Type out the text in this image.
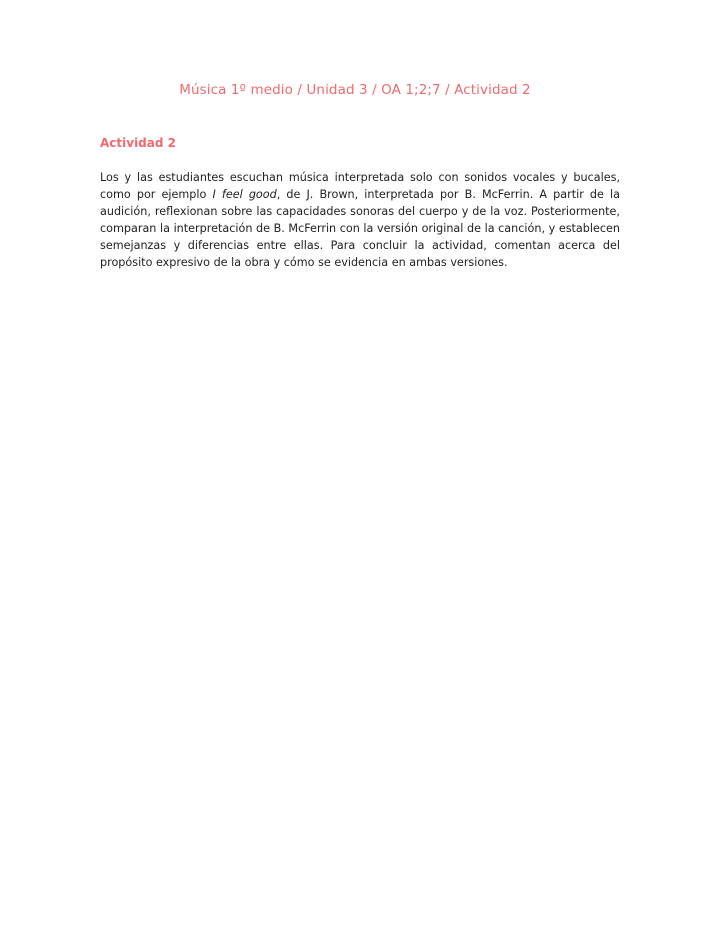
Música 1º medio / Unidad 3 / OA 1;2;7 / Actividad 2
Actividad 2

Los y las estudiantes escuchan música interpretada solo con sonidos vocales y bucales, como por ejemplo I feel good, de J. Brown, interpretada por B. McFerrin. A partir de la audición, reflexionan sobre las capacidades sonoras del cuerpo y de la voz. Posteriormente, comparan la interpretación de B. McFerrin con la versión original de la canción, y establecen semejanzas y diferencias entre ellas. Para concluir la actividad, comentan acerca del propósito expresivo de la obra y cómo se evidencia en ambas versiones.
